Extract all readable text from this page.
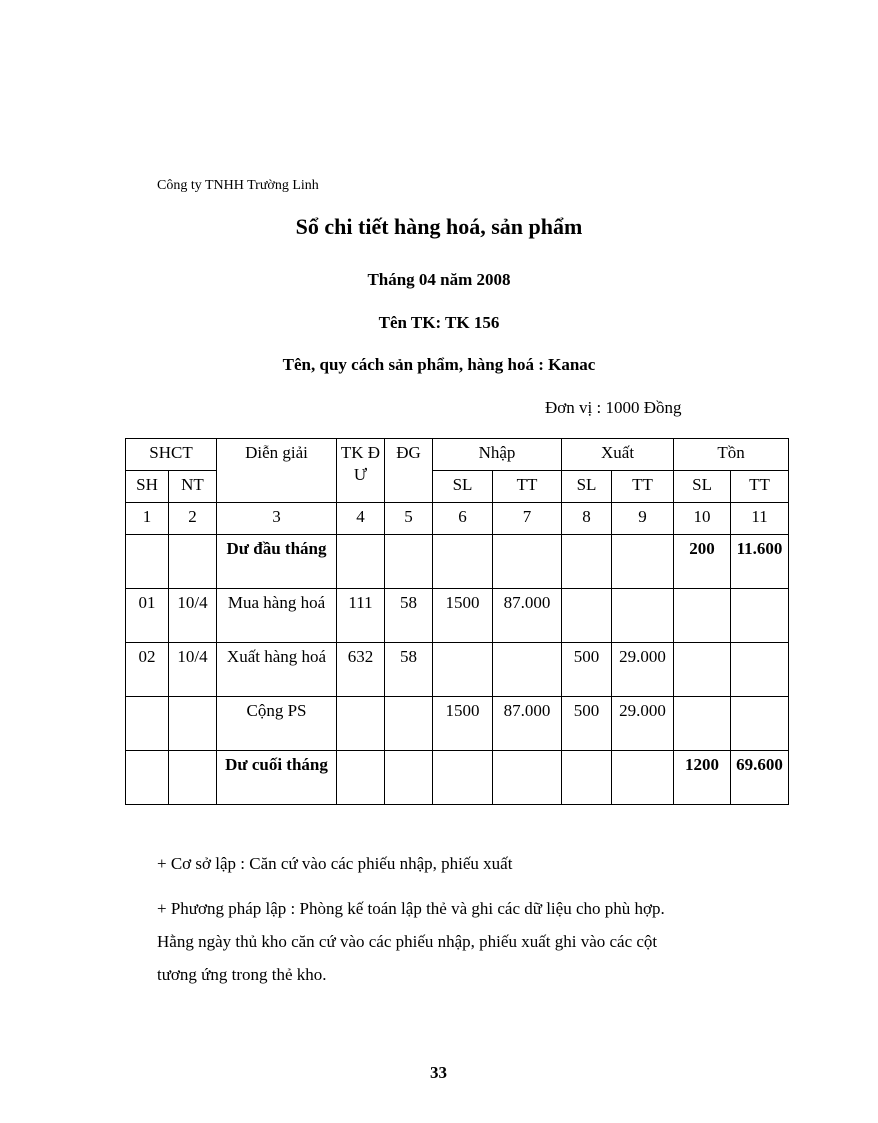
Công ty TNHH Trường Linh
Sổ chi tiết hàng hoá, sản phẩm
Tháng 04 năm 2008
Tên TK: TK 156
Tên, quy cách sản phẩm, hàng hoá : Kanac
Đơn vị : 1000 Đồng
SHCT		Diễn giải	TK ĐƯ	ĐG	Nhập		Xuất		Tồn	
SH	NT				SL	TT	SL	TT	SL	TT
1	2	3	4	5	6	7	8	9	10	11
		Dư đầu tháng							200	11.600
01	10/4	Mua hàng hoá	111	58	1500	87.000				
02	10/4	Xuất hàng hoá	632	58			500	29.000		
		Cộng PS			1500	87.000	500	29.000		
		Dư cuối tháng							1200	69.600
+ Cơ sở lập : Căn cứ vào các phiếu nhập, phiếu xuất
+ Phương pháp lập : Phòng kế toán lập thẻ và ghi các dữ liệu cho phù hợp.
Hằng ngày thủ kho căn cứ vào các phiếu nhập, phiếu xuất ghi vào các cột
tương ứng trong thẻ kho.
33
